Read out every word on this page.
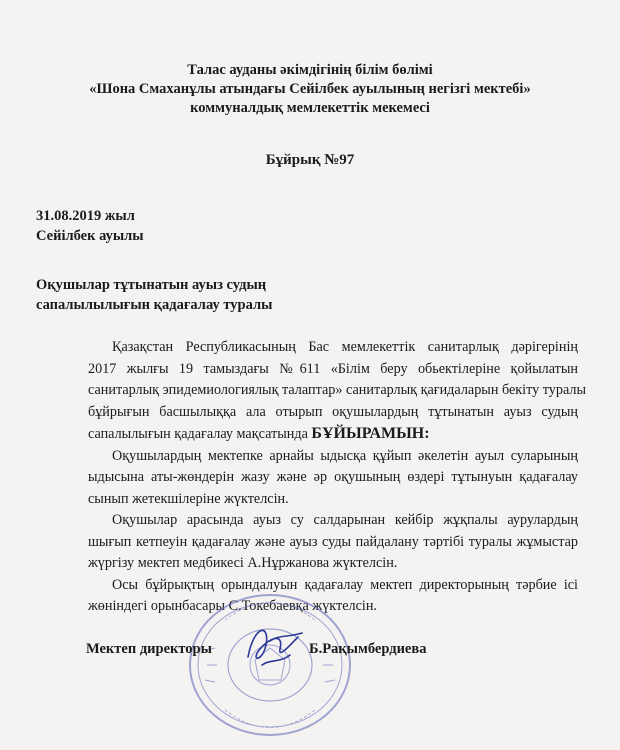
Талас ауданы әкімдігінің білім бөлімі
«Шона Смаханұлы атындағы Сейілбек ауылының негізгі мектебі»
коммуналдық мемлекеттік мекемесі
Бұйрық №97
31.08.2019 жыл
Сейілбек ауылы
Оқушылар тұтынатын ауыз судың
сапалылылығын қадағалау туралы
Қазақстан Республикасының Бас мемлекеттік санитарлық дәрігерінің
2017 жылғы 19 тамыздағы №611 «Білім беру обьектілеріне қойылатын
санитарлық эпидемиологиялық талаптар» санитарлық қағидаларын бекіту туралы
бұйрығын басшылыққа ала отырып оқушылардың тұтынатын ауыз судың
сапалылығын қадағалау мақсатында БҰЙЫРАМЫН:
Оқушылардың мектепке арнайы ыдысқа құйып әкелетін ауыл суларының
ыдысына аты-жөндерін жазу және әр оқушының өздері тұтынуын қадағалау
сынып жетекшілеріне жүктелсін.
Оқушылар арасында ауыз су салдарынан кейбір жұқпалы аурулардың
шығып кетпеуін қадағалау және ауыз суды пайдалану тәртібі туралы жұмыстар
жүргізу мектеп медбикесі А.Нұржанова жүктелсін.
Осы бұйрықтың орындалуын қадағалау мектеп директорының тәрбие ісі
жөніндегі орынбасары С.Токебаевқа жүктелсін.
Мектеп директоры	Б.Рақымбердиева
